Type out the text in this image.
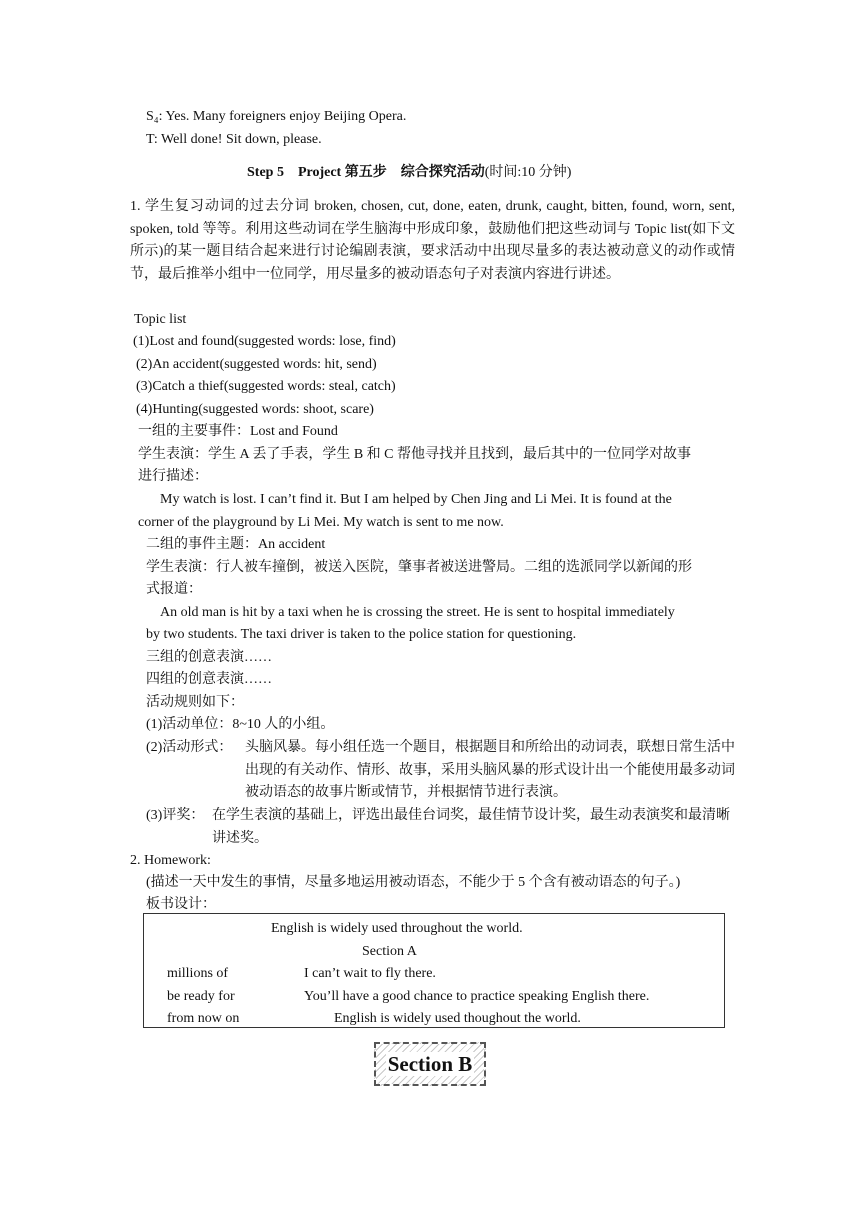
S₄: Yes. Many foreigners enjoy Beijing Opera.
T: Well done! Sit down, please.
Step 5 Project 第五步 综合探究活动(时间:10 分钟)
1. 学生复习动词的过去分词 broken, chosen, cut, done, eaten, drunk, caught, bitten, found, worn, sent, spoken, told 等等。利用这些动词在学生脑海中形成印象，鼓励他们把这些动词与 Topic list(如下文所示)的某一题目结合起来进行讨论编剧表演，要求活动中出现尽量多的表达被动意义的动作或情节，最后推举小组中一位同学，用尽量多的被动语态句子对表演内容进行讲述。
Topic list
(1)Lost and found(suggested words: lose, find)
(2)An accident(suggested words: hit, send)
(3)Catch a thief(suggested words: steal, catch)
(4)Hunting(suggested words: shoot, scare)
一组的主要事件：Lost and Found
学生表演：学生 A 丢了手表，学生 B 和 C 帮他寻找并且找到，最后其中的一位同学对故事
进行描述：
My watch is lost. I can’t find it. But I am helped by Chen Jing and Li Mei. It is found at the
corner of the playground by Li Mei. My watch is sent to me now.
二组的事件主题：An accident
学生表演：行人被车撞倒，被送入医院，肇事者被送进警局。二组的选派同学以新闻的形
式报道：
An old man is hit by a taxi when he is crossing the street. He is sent to hospital immediately
by two students. The taxi driver is taken to the police station for questioning.
三组的创意表演……
四组的创意表演……
活动规则如下：
(1)活动单位：8~10 人的小组。
(2)活动形式： 头脑风暴。每小组任选一个题目，根据题目和所给出的动词表，联想日常生活中出现的有关动作、情形、故事，采用头脑风暴的形式设计出一个能使用最多动词被动语态的故事片断或情节，并根据情节进行表演。
(3)评奖： 在学生表演的基础上，评选出最佳台词奖，最佳情节设计奖，最生动表演奖和最清晰讲述奖。
2. Homework:
(描述一天中发生的事情，尽量多地运用被动语态，不能少于 5 个含有被动语态的句子。)
板书设计：
English is widely used throughout the world.
Section A
millions of	I can’t wait to fly there.
be ready for	You’ll have a good chance to practice speaking English there.
from now on	English is widely used thoughout the world.
Section B
